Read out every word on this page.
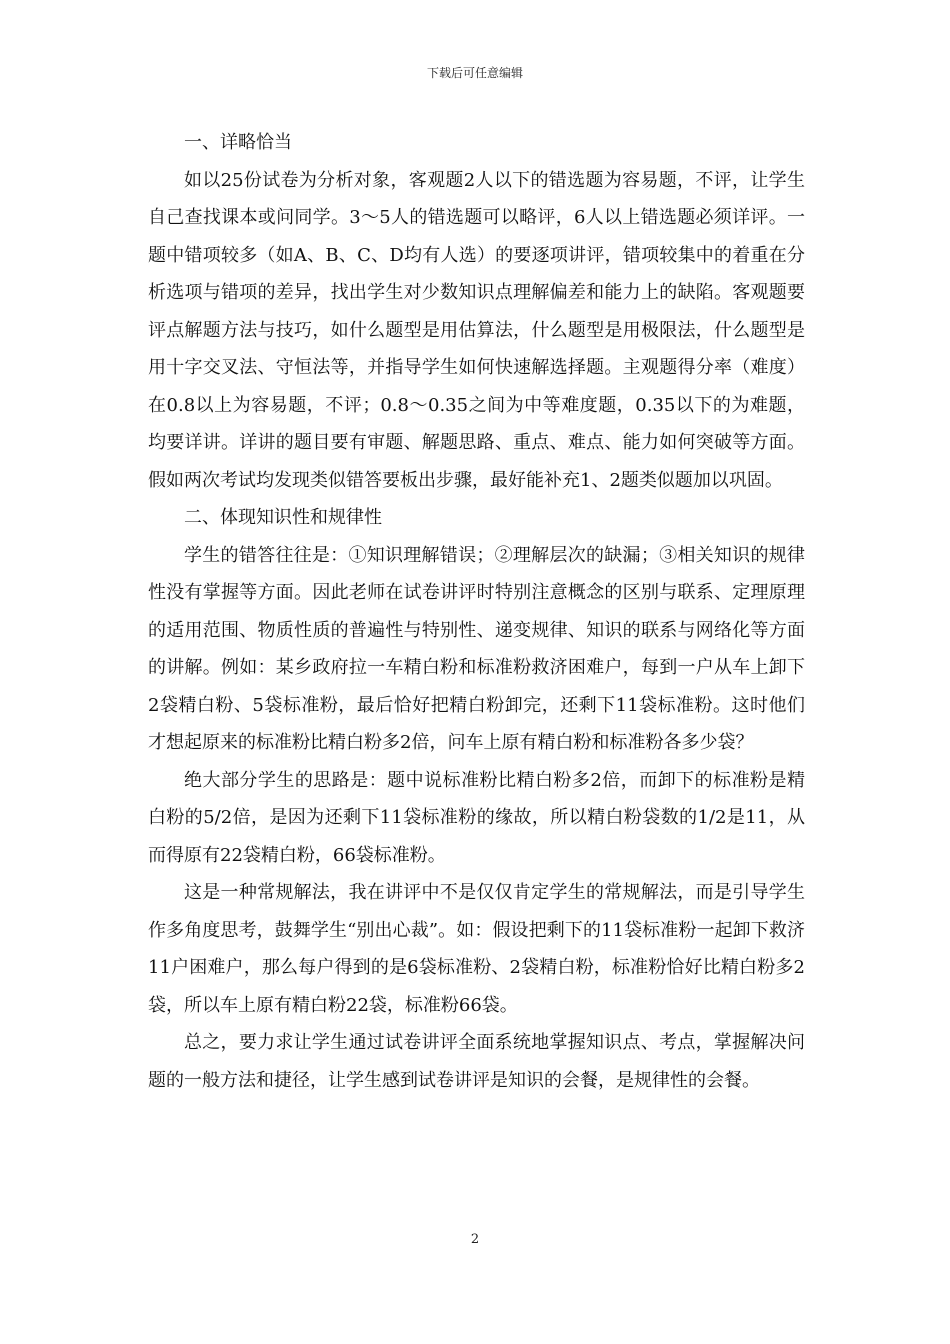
下载后可任意编辑

一、详略恰当

如以25份试卷为分析对象，客观题2人以下的错选题为容易题，不评，让学生自己查找课本或问同学。3～5人的错选题可以略评，6人以上错选题必须详评。一题中错项较多（如A、B、C、D均有人选）的要逐项讲评，错项较集中的着重在分析选项与错项的差异，找出学生对少数知识点理解偏差和能力上的缺陷。客观题要评点解题方法与技巧，如什么题型是用估算法，什么题型是用极限法，什么题型是用十字交叉法、守恒法等，并指导学生如何快速解选择题。主观题得分率（难度）在0.8以上为容易题，不评；0.8～0.35之间为中等难度题，0.35以下的为难题，均要详讲。详讲的题目要有审题、解题思路、重点、难点、能力如何突破等方面。假如两次考试均发现类似错答要板出步骤，最好能补充1、2题类似题加以巩固。

二、体现知识性和规律性

学生的错答往往是：①知识理解错误；②理解层次的缺漏；③相关知识的规律性没有掌握等方面。因此老师在试卷讲评时特别注意概念的区别与联系、定理原理的适用范围、物质性质的普遍性与特别性、递变规律、知识的联系与网络化等方面的讲解。例如：某乡政府拉一车精白粉和标准粉救济困难户，每到一户从车上卸下2袋精白粉、5袋标准粉，最后恰好把精白粉卸完，还剩下11袋标准粉。这时他们才想起原来的标准粉比精白粉多2倍，问车上原有精白粉和标准粉各多少袋？

绝大部分学生的思路是：题中说标准粉比精白粉多2倍，而卸下的标准粉是精白粉的5/2倍，是因为还剩下11袋标准粉的缘故，所以精白粉袋数的1/2是11，从而得原有22袋精白粉，66袋标准粉。

这是一种常规解法，我在讲评中不是仅仅肯定学生的常规解法，而是引导学生作多角度思考，鼓舞学生“别出心裁”。如：假设把剩下的11袋标准粉一起卸下救济11户困难户，那么每户得到的是6袋标准粉、2袋精白粉，标准粉恰好比精白粉多2袋，所以车上原有精白粉22袋，标准粉66袋。

总之，要力求让学生通过试卷讲评全面系统地掌握知识点、考点，掌握解决问题的一般方法和捷径，让学生感到试卷讲评是知识的会餐，是规律性的会餐。

2
